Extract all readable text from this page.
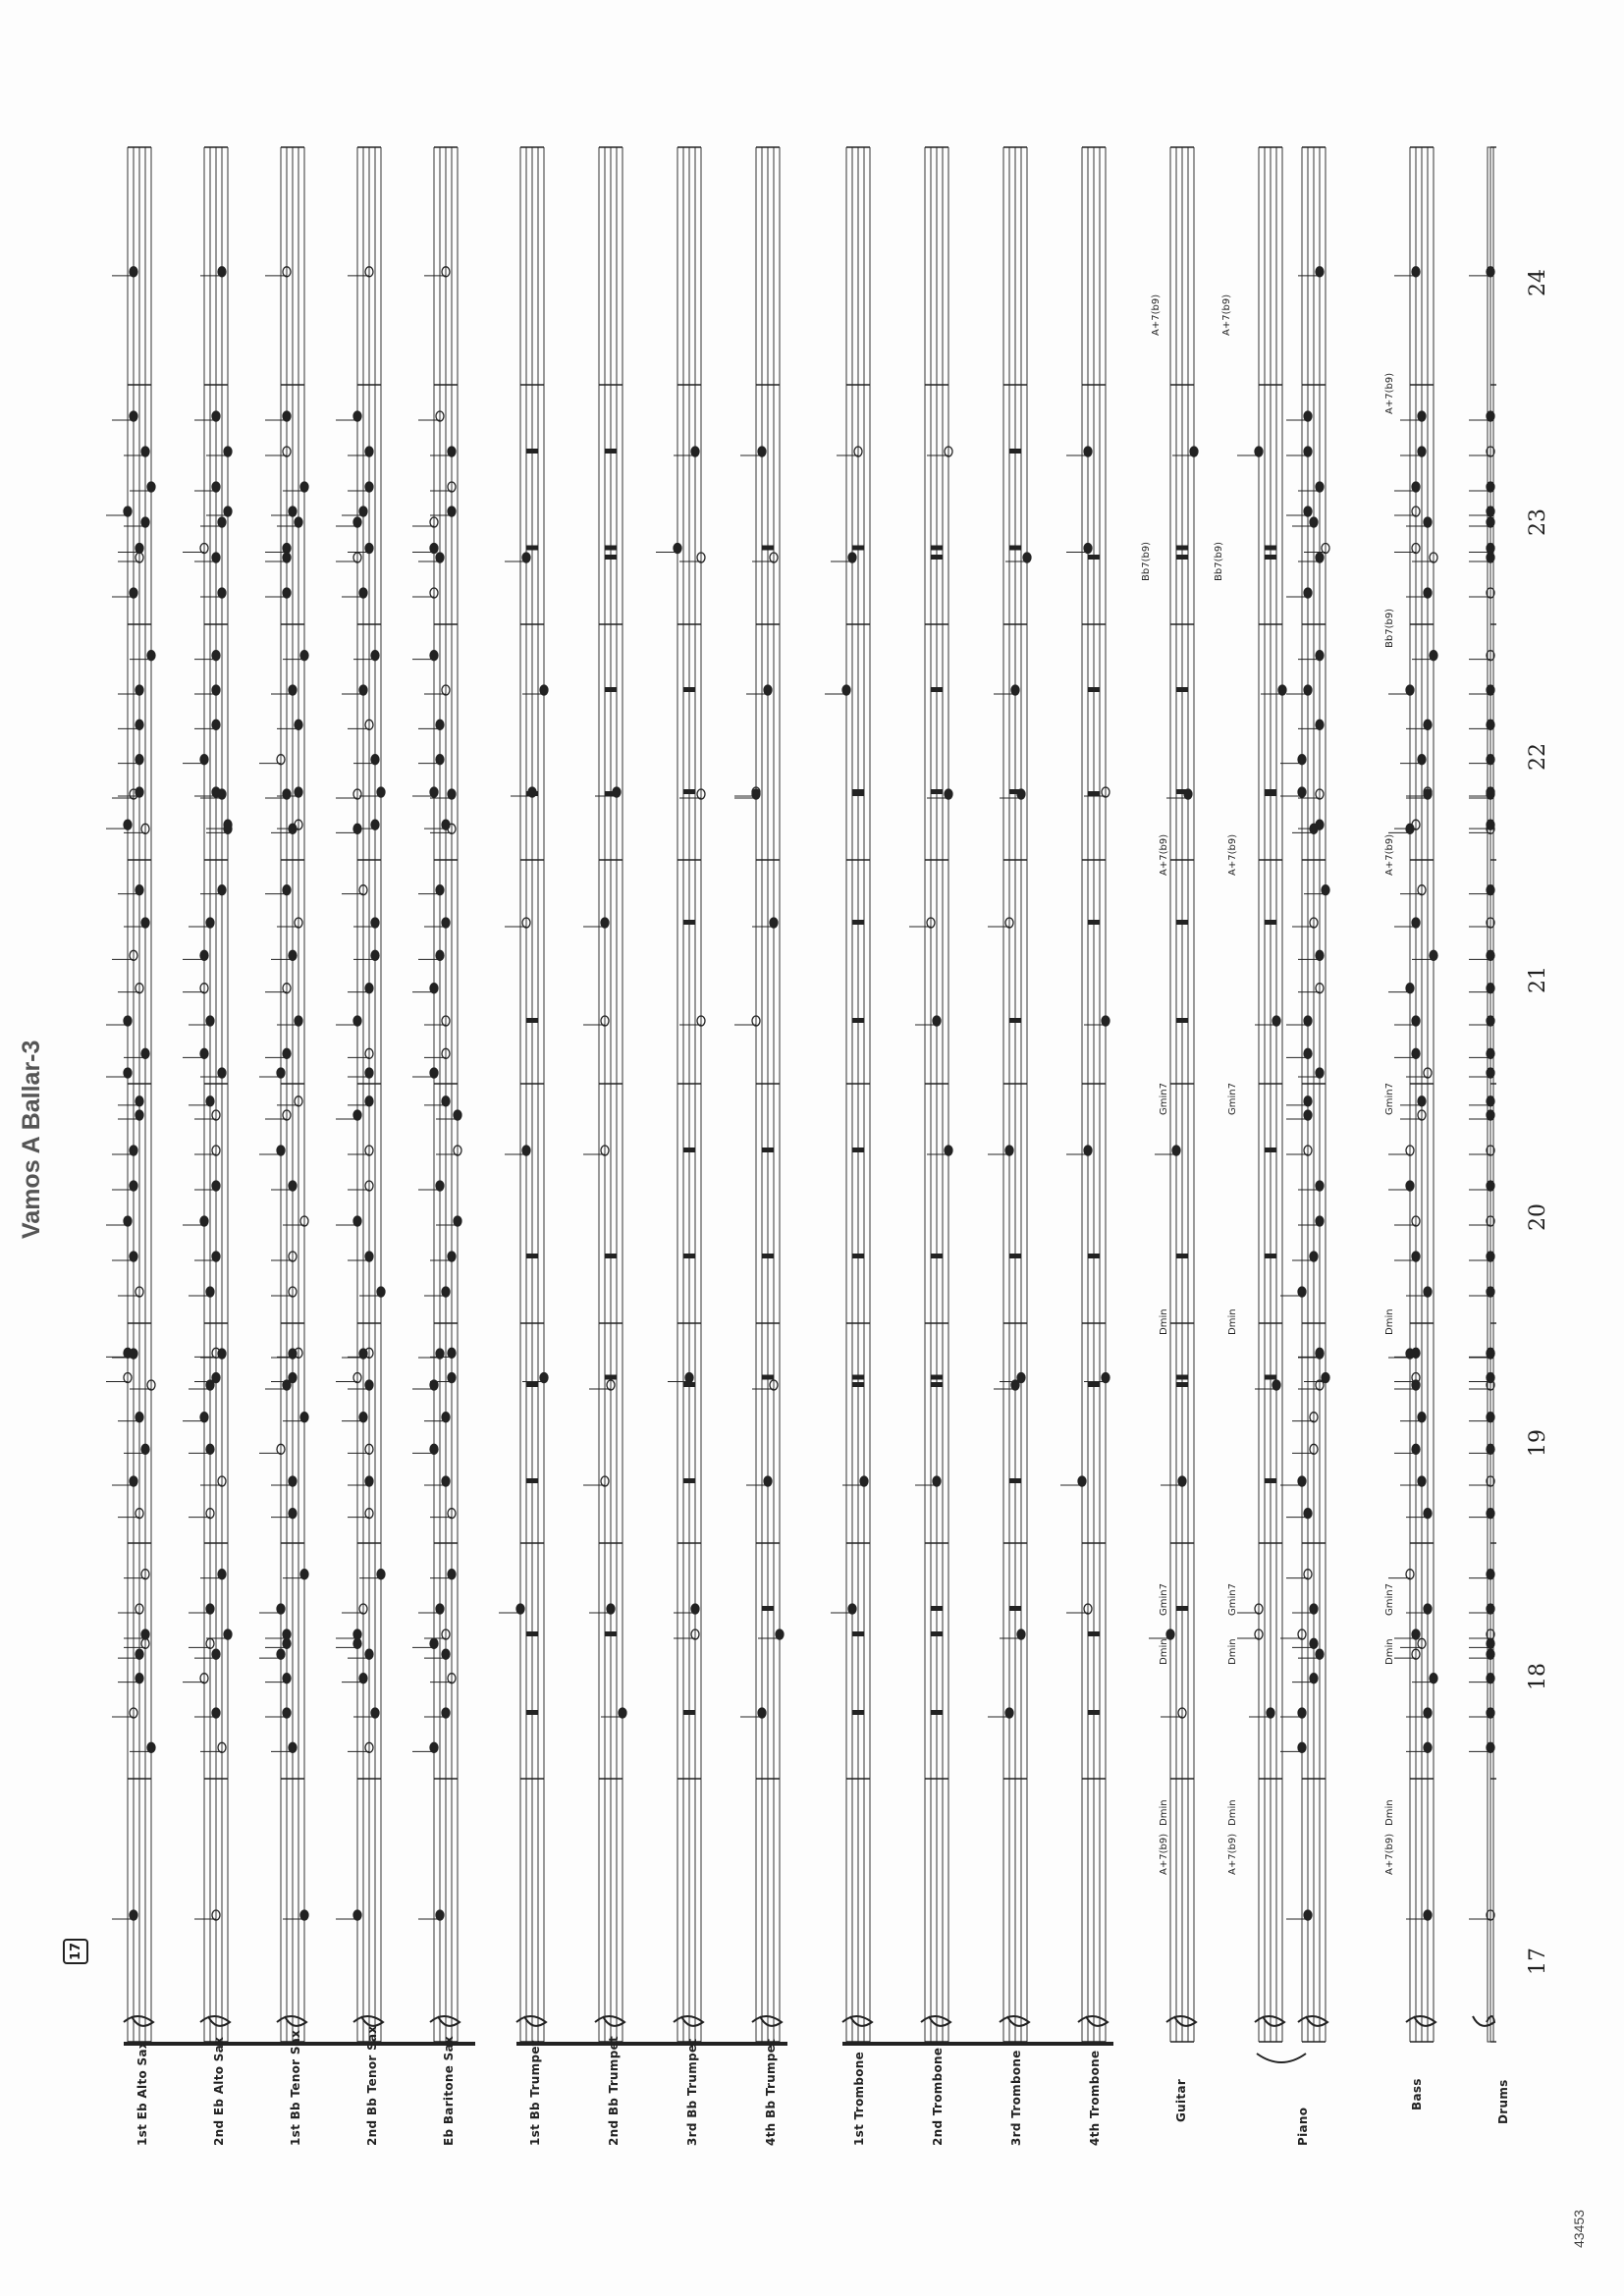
Vamos A Ballar-3
17
43453
1st Eb Alto Sax	2nd Eb Alto Sax	1st Bb Tenor Sax	2nd Bb Tenor Sax	Eb Baritone Sax	1st Bb Trumpet	2nd Bb Trumpet	3rd Bb Trumpet	4th Bb Trumpet	1st Trombone	2nd Trombone	3rd Trombone	4th Trombone	Guitar
Piano
Bass	Drums
17
18
19
20
21
22
23
24
A+7(b9)
Dmin
Dmin
Gmin7
Dmin
Gmin7
A+7(b9)
Bb7(b9)
A+7(b9)
A+7(b9)
Dmin
Dmin
Gmin7
Dmin
Gmin7
A+7(b9)
Bb7(b9)
A+7(b9)
A+7(b9)
Dmin
Dmin
Gmin7
Dmin
Gmin7
A+7(b9)
Bb7(b9)
A+7(b9)
